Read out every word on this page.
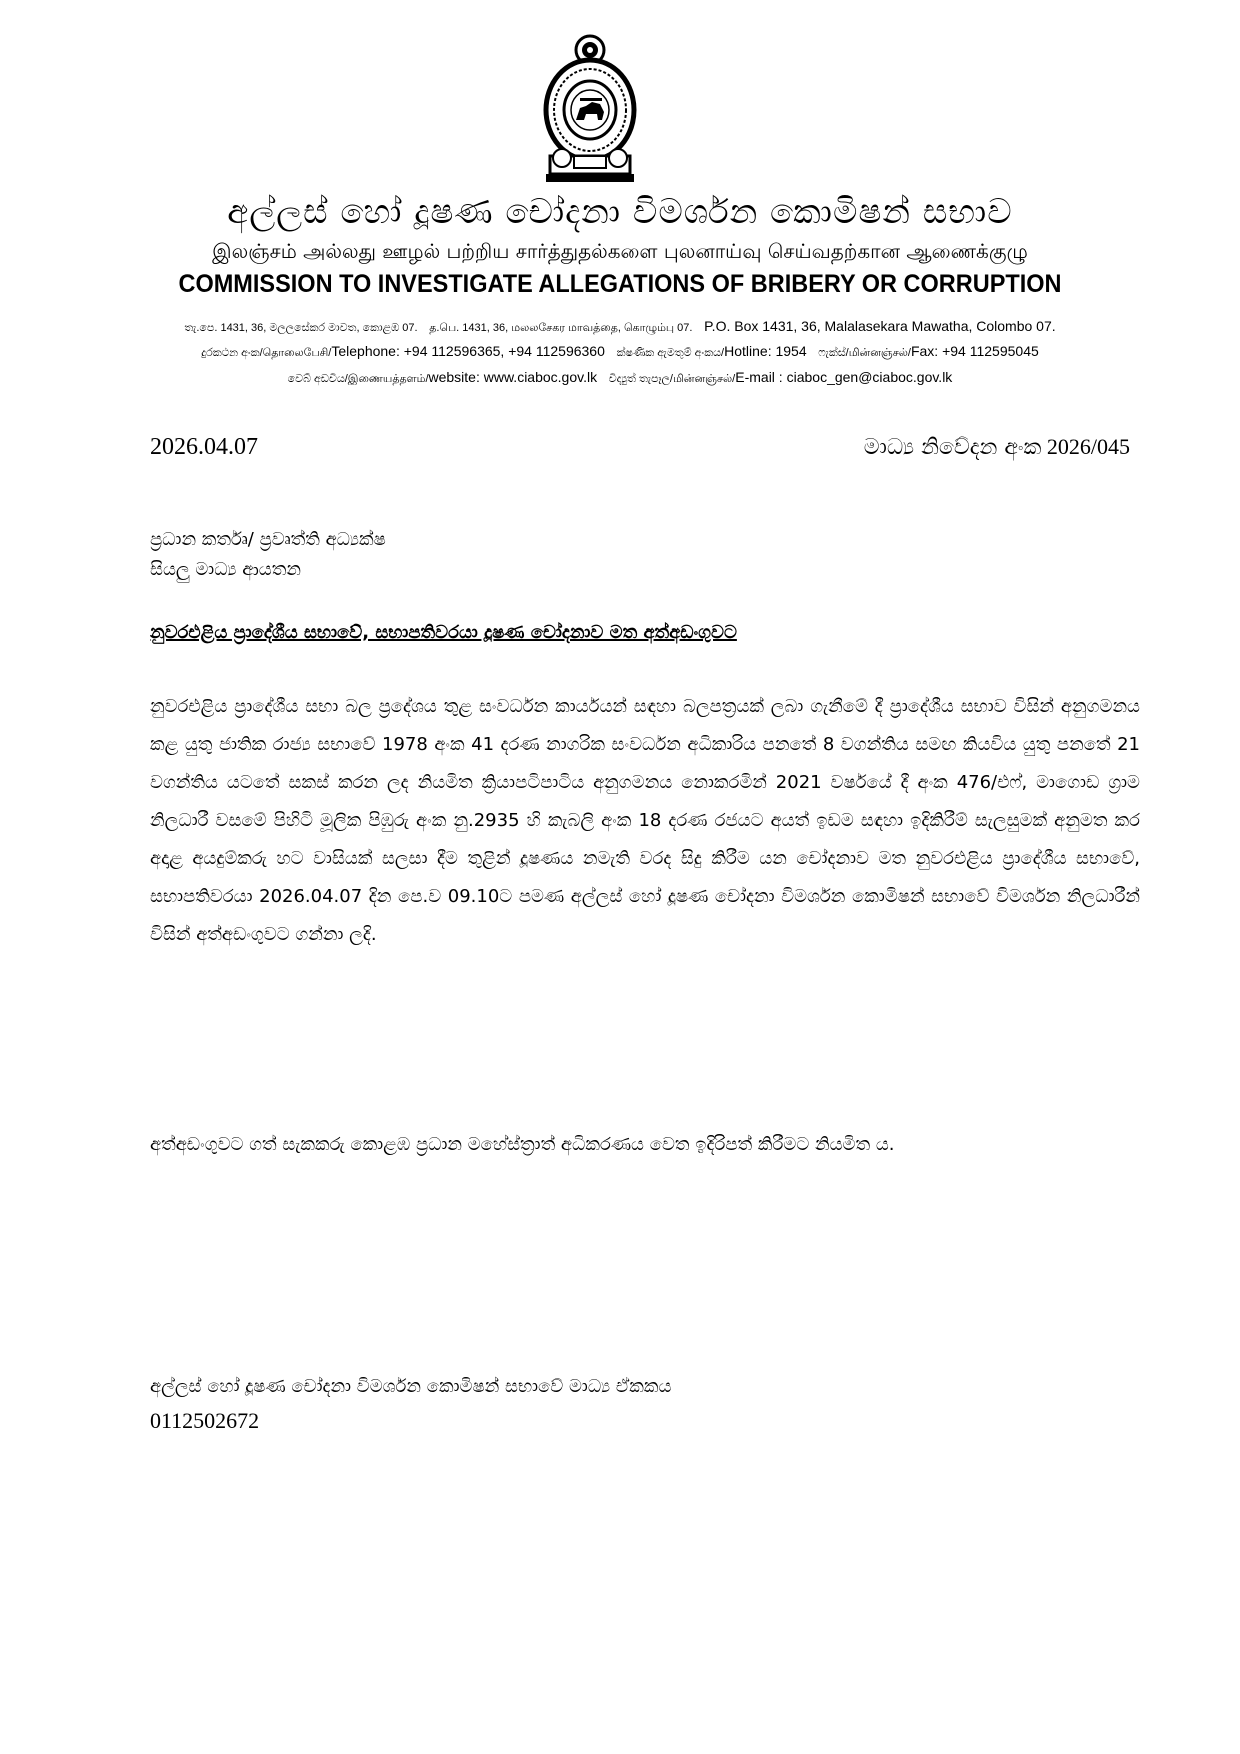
අල්ලස් හෝ දූෂණ චෝදනා විමර්ශන කොමිෂන් සභාව
இலஞ்சம் அல்லது ஊழல் பற்றிய சார்த்துதல்களை புலனாய்வு செய்வதற்கான ஆணைக்குழு
COMMISSION TO INVESTIGATE ALLEGATIONS OF BRIBERY OR CORRUPTION
තැ.පෙ. 1431, 36, මලලසේකර මාවත, කොළඹ 07. த.பெ. 1431, 36, மலலசேகர மாவத்தை, கொழும்பு 07. P.O. Box 1431, 36, Malalasekara Mawatha, Colombo 07.
දුරකථන අංක/தொலைபேசி/Telephone: +94 112596365, +94 112596360 ක්ෂණික ඇමතුම් අංකය/Hotline: 1954 ෆැක්ස්/மின்னஞ்சல்/Fax: +94 112595045
වෙබ් අඩවිය/இணையத்தளம்/website: www.ciaboc.gov.lk විද්‍යුත් තැපෑල/மின்னஞ்சல்/E-mail : ciaboc_gen@ciaboc.gov.lk
2026.04.07	මාධ්‍ය නිවේදන අංක 2026/045
ප්‍රධාන කර්තෘ/ ප්‍රවෘත්ති අධ්‍යක්ෂ
සියලු මාධ්‍ය ආයතන
නුවරඑළිය ප්‍රාදේශීය සභාවේ, සභාපතිවරයා දූෂණ චෝදනාව මත අත්අඩංගුවට
නුවරඑළිය ප්‍රාදේශීය සභා බල ප්‍රදේශය තුළ සංවර්ධන කාර්යයන් සඳහා බලපත්‍රයක් ලබා ගැනීමේ දී ප්‍රාදේශීය සභාව විසින් අනුගමනය කළ යුතු ජාතික රාජ්‍ය සභාවේ 1978 අංක 41 දරණ නාගරික සංවර්ධන අධිකාරිය පනතේ 8 වගන්තිය සමඟ කියවිය යුතු පනතේ 21 වගන්තිය යටතේ සකස් කරන ලද නියමිත ක්‍රියාපටිපාටිය අනුගමනය නොකරමින් 2021 වර්ෂයේ දී අංක 476/එෆ්, මාගොඩ ග්‍රාම නිලධාරී වසමේ පිහිටි මූලික පිඹුරු අංක නු.2935 හි කැබලි අංක 18 දරණ රජයට අයත් ඉඩම සඳහා ඉදිකිරීම් සැලසුමක් අනුමත කර අදාළ අයදුම්කරු හට වාසියක් සලසා දීම තුළින් දූෂණය නමැති වරද සිදු කිරීම යන චෝදනාව මත නුවරඑළිය ප්‍රාදේශීය සභාවේ, සභාපතිවරයා 2026.04.07 දින පෙ.ව 09.10ට පමණ අල්ලස් හෝ දූෂණ චෝදනා විමර්ශන කොමිෂන් සභාවේ විමර්ශන නිලධාරීන් විසින් අත්අඩංගුවට ගන්නා ලදි.
අත්අඩංගුවට ගත් සැකකරු කොළඹ ප්‍රධාන මහේස්ත්‍රාත් අධිකරණය වෙත ඉදිරිපත් කිරීමට නියමිත ය.
අල්ලස් හෝ දූෂණ චෝදනා විමර්ශන කොමිෂන් සභාවේ මාධ්‍ය ඒකකය
0112502672
